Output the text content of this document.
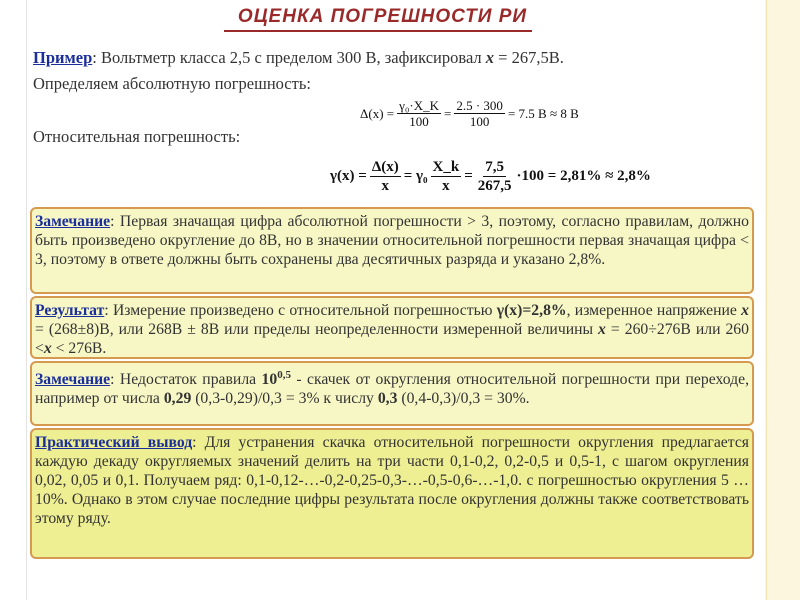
ОЦЕНКА ПОГРЕШНОСТИ РИ
Пример: Вольтметр класса 2,5 с пределом 300 В, зафиксировал x = 267,5В.
Определяем абсолютную погрешность:
$\Delta(x) = \frac{\text{γ₀·X\_K}}{100} = \frac{2.5 \cdot 300}{100} = 7.5$ B ≈ 8 B
Относительная погрешность:
$\gamma(x) = \frac{\Delta(x)}{x} = \gamma_0 \frac{X\_k}{x} = \frac{7,5}{267,5} \cdot 100 = 2,81\% \approx 2,8\%$
Замечание: Первая значащая цифра абсолютной погрешности > 3, поэтому, согласно правилам, должно быть произведено округление до 8В, но в значении относительной погрешности первая значащая цифра < 3, поэтому в ответе должны быть сохранены два десятичных разряда и указано 2,8%.
Результат: Измерение произведено с относительной погрешностью γ(x)=2,8%, измеренное напряжение x = (268±8)В, или 268В ± 8В или пределы неопределенности измеренной величины x = 260÷276В или 260 <x < 276В.
Замечание: Недостаток правила 10$^{0,5}$ - скачек от округления относительной погрешности при переходе, например от числа 0,29 (0,3-0,29)/0,3 = 3% к числу 0,3 (0,4-0,3)/0,3 = 30%.
Практический вывод: Для устранения скачка относительной погрешности округления предлагается каждую декаду округляемых значений делить на три части 0,1-0,2, 0,2-0,5 и 0,5-1, с шагом округления 0,02, 0,05 и 0,1. Получаем ряд: 0,1-0,12-…-0,2-0,25-0,3-…-0,5-0,6-…-1,0. с погрешностью округления 5 … 10%. Однако в этом случае последние цифры результата после округления должны также соответствовать этому ряду.
